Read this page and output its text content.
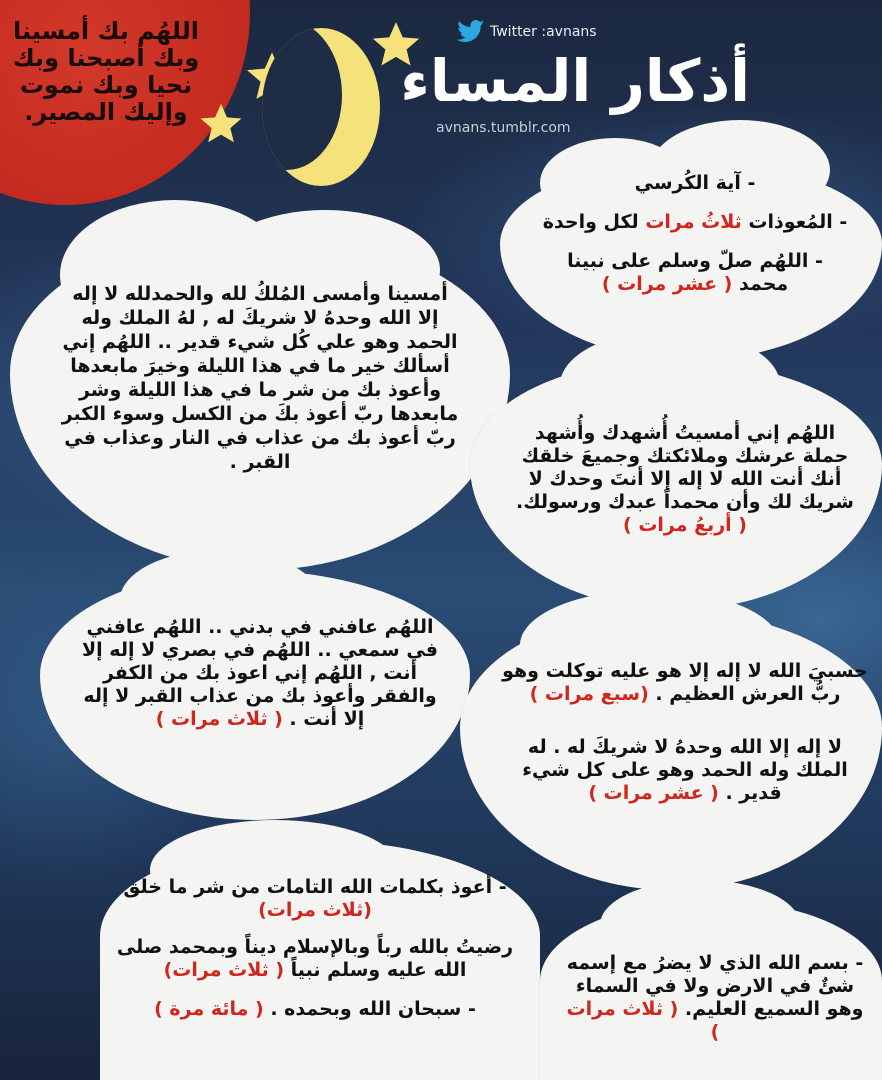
اللهُم بك أمسينا وبك أصبحنا وبك نحيا وبك نموت وإليك المصير.
Twitter :avnans
أذكار المساء
avnans.tumblr.com

- آية الكُرسي

- المُعوذات ثلاثُ مرات لكل واحدة

- اللهُم صلّ وسلم على نبينا محمد ( عشر مرات )

أمسينا وأمسى المُلكُ لله والحمدلله لا إله إلا الله وحدهُ لا شريكَ له , لهُ الملك وله الحمد وهو علي كُل شيء قدير .. اللهُم إني أسألك خير ما في هذا الليلة وخيرَ مابعدها وأعوذ بك من شر ما في هذا الليلة وشر مابعدها ربّ أعوذ بكَ من الكسل وسوء الكبر ربّ أعوذ بك من عذاب في النار وعذاب في القبر .

اللهُم إني أمسيتُ أُشهدك وأُشهد حملة عرشك وملائكتك وجميعَ خلقك أنك أنت الله لا إله إلا أنتَ وحدك لا شريك لك وأن محمداً عبدك ورسولك. ( أربعُ مرات )

اللهُم عافني في بدني .. اللهُم عافني في سمعي .. اللهُم في بصري لا إله إلا أنت , اللهُم إني اعوذ بك من الكفر والفقر وأعوذ بك من عذاب القبر لا إله إلا أنت . ( ثلاث مرات )

حسبيَ الله لا إله إلا هو عليه توكلت وهو ربُّ العرش العظيم . (سبع مرات )

لا إله إلا الله وحدهُ لا شريكَ له . له الملك وله الحمد وهو على كل شيء قدير . ( عشر مرات )

- أعوذ بكلمات الله التامات من شر ما خلق (ثلاث مرات)

رضيتُ بالله رباً وبالإسلام ديناً وبمحمد صلى الله عليه وسلم نبياً ( ثلاث مرات)

- سبحان الله وبحمده . ( مائة مرة )

- بسم الله الذي لا يضرُ مع إسمه شئٌ في الارض ولا في السماء وهو السميع العليم. ( ثلاث مرات )
